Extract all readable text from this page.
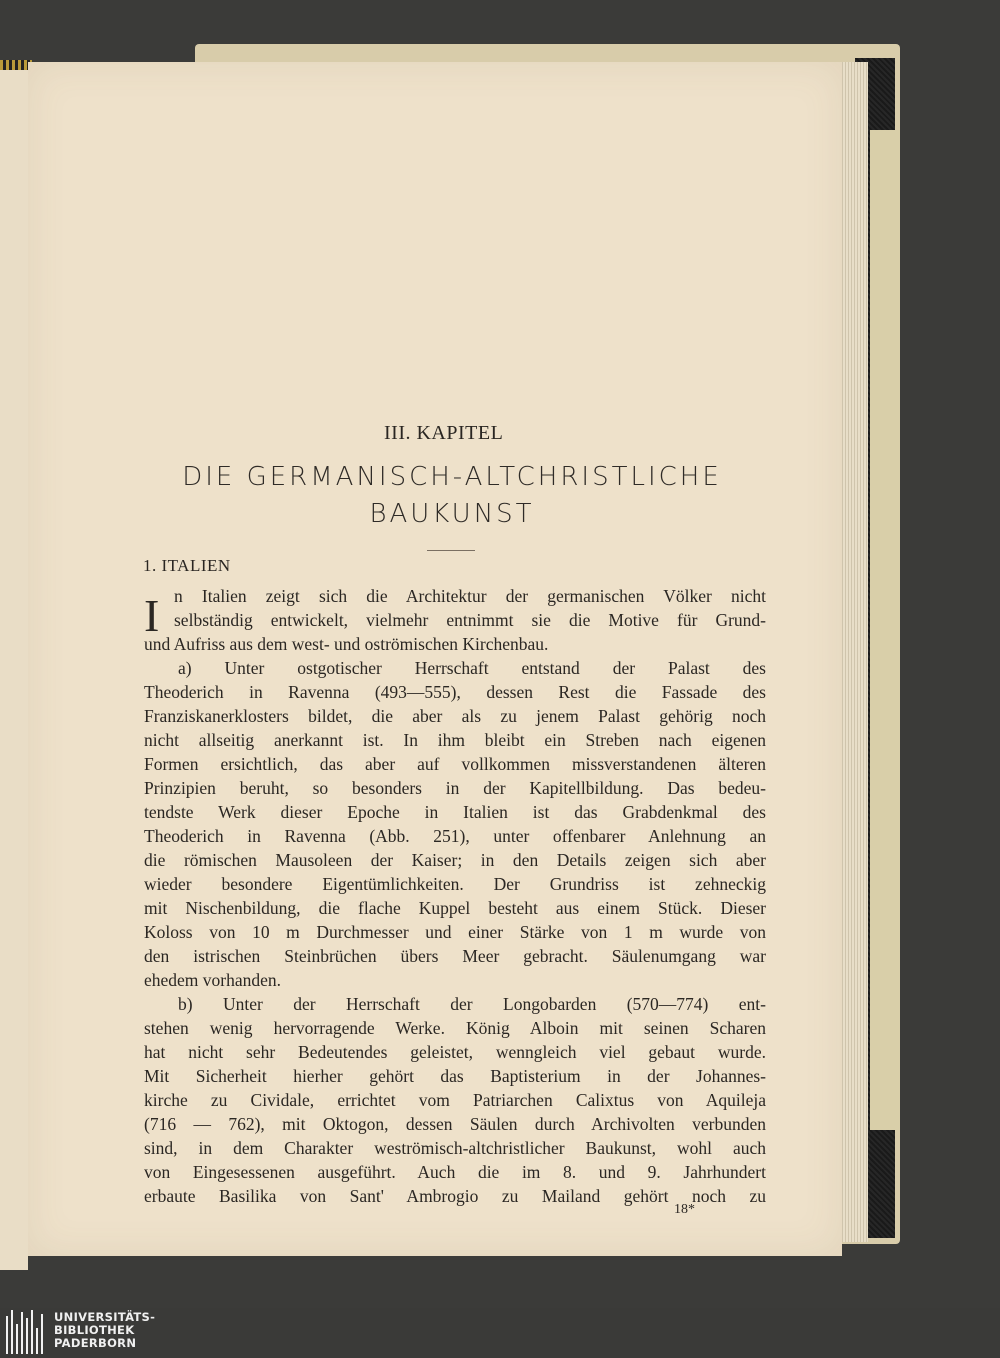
III. KAPITEL
DIE GERMANISCH-ALTCHRISTLICHE
BAUKUNST
1. ITALIEN
I n Italien zeigt sich die Architektur der germanischen Völker nicht
selbständig entwickelt, vielmehr entnimmt sie die Motive für Grund-
und Aufriss aus dem west- und oströmischen Kirchenbau.
a) Unter ostgotischer Herrschaft entstand der Palast des
Theoderich in Ravenna (493—555), dessen Rest die Fassade des
Franziskanerklosters bildet, die aber als zu jenem Palast gehörig noch
nicht allseitig anerkannt ist. In ihm bleibt ein Streben nach eigenen
Formen ersichtlich, das aber auf vollkommen missverstandenen älteren
Prinzipien beruht, so besonders in der Kapitellbildung. Das bedeu-
tendste Werk dieser Epoche in Italien ist das Grabdenkmal des
Theoderich in Ravenna (Abb. 251), unter offenbarer Anlehnung an
die römischen Mausoleen der Kaiser; in den Details zeigen sich aber
wieder besondere Eigentümlichkeiten. Der Grundriss ist zehneckig
mit Nischenbildung, die flache Kuppel besteht aus einem Stück. Dieser
Koloss von 10 m Durchmesser und einer Stärke von 1 m wurde von
den istrischen Steinbrüchen übers Meer gebracht. Säulenumgang war
ehedem vorhanden.
b) Unter der Herrschaft der Longobarden (570—774) ent-
stehen wenig hervorragende Werke. König Alboin mit seinen Scharen
hat nicht sehr Bedeutendes geleistet, wenngleich viel gebaut wurde.
Mit Sicherheit hierher gehört das Baptisterium in der Johannes-
kirche zu Cividale, errichtet vom Patriarchen Calixtus von Aquileja
(716 — 762), mit Oktogon, dessen Säulen durch Archivolten verbunden
sind, in dem Charakter weströmisch-altchristlicher Baukunst, wohl auch
von Eingesessenen ausgeführt. Auch die im 8. und 9. Jahrhundert
erbaute Basilika von Sant' Ambrogio zu Mailand gehört noch zu
18*
UNIVERSITÄTS-
BIBLIOTHEK
PADERBORN
